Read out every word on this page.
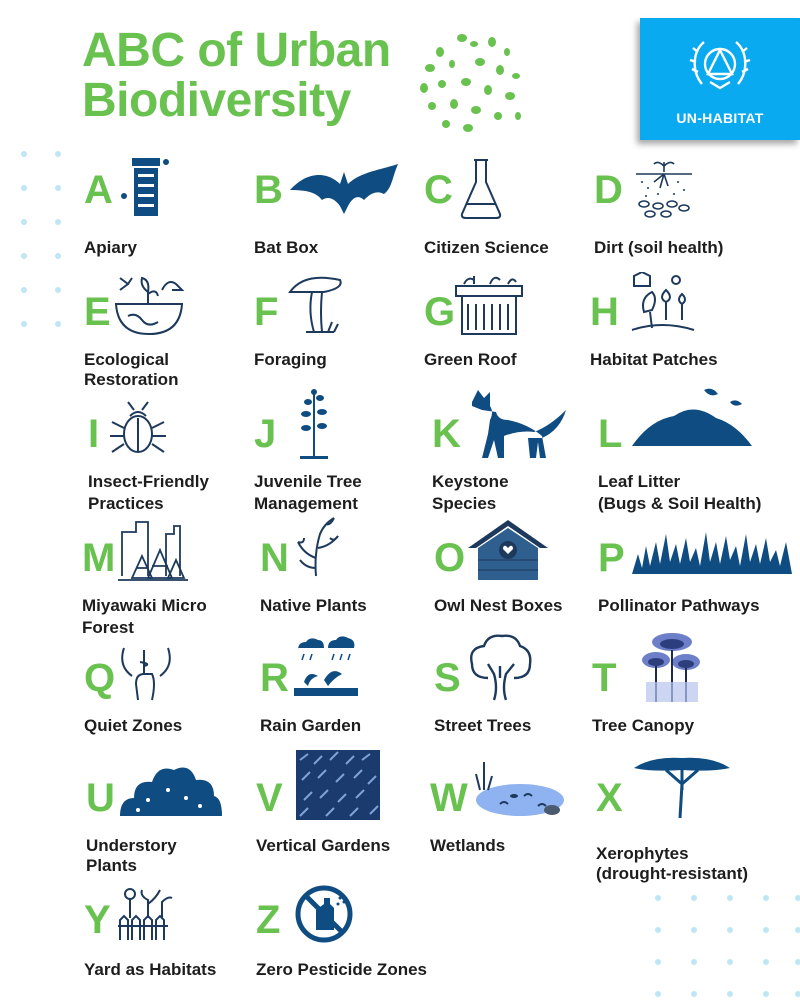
ABC of Urban
Biodiversity	UN-HABITAT
A
Apiary
B
Bat Box
C
Citizen Science
D
Dirt (soil health)
E
Ecological
Restoration
F
Foraging
G
Green Roof
H
Habitat Patches
I
Insect-Friendly
Practices
J
Juvenile Tree
Management
K
Keystone
Species
L
Leaf Litter
(Bugs & Soil Health)
M
Miyawaki Micro
Forest
N
Native Plants
O
Owl Nest Boxes
P
Pollinator Pathways
Q
Quiet Zones
R
Rain Garden
S
Street Trees
T
Tree Canopy
U
Understory
Plants
V
Vertical Gardens
W
Wetlands
X
Xerophytes
(drought-resistant)
Y
Yard as Habitats
Z
Zero Pesticide Zones
